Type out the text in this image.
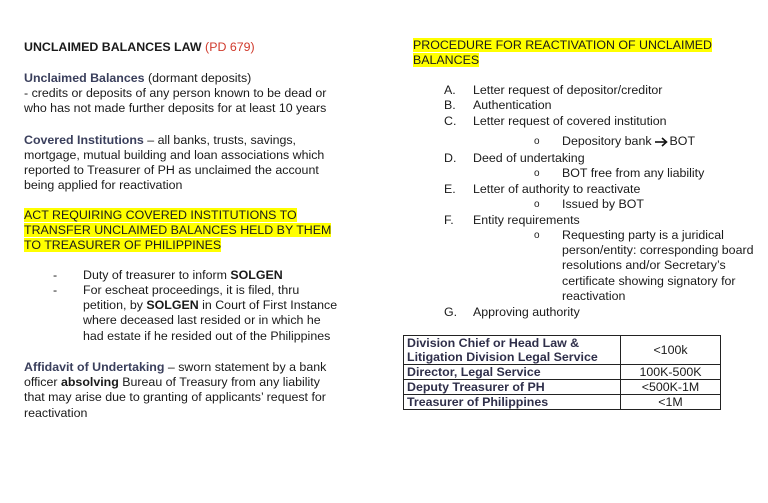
UNCLAIMED BALANCES LAW (PD 679)
Unclaimed Balances (dormant deposits)
- credits or deposits of any person known to be dead or
who has not made further deposits for at least 10 years
Covered Institutions – all banks, trusts, savings,
mortgage, mutual building and loan associations which
reported to Treasurer of PH as unclaimed the account
being applied for reactivation
ACT REQUIRING COVERED INSTITUTIONS TO
TRANSFER UNCLAIMED BALANCES HELD BY THEM
TO TREASURER OF PHILIPPINES
-	Duty of treasurer to inform SOLGEN
-	For escheat proceedings, it is filed, thru
petition, by SOLGEN in Court of First Instance
where deceased last resided or in which he
had estate if he resided out of the Philippines
Affidavit of Undertaking – sworn statement by a bank
officer absolving Bureau of Treasury from any liability
that may arise due to granting of applicants’ request for
reactivation
PROCEDURE FOR REACTIVATION OF UNCLAIMED
BALANCES
A. Letter request of depositor/creditor
B. Authentication
C. Letter request of covered institution
o Depository bank BOT
D. Deed of undertaking
o BOT free from any liability
E. Letter of authority to reactivate
o Issued by BOT
F. Entity requirements
o Requesting party is a juridical
person/entity: corresponding board
resolutions and/or Secretary’s
certificate showing signatory for
reactivation
G. Approving authority
Division Chief or Head Law &
Litigation Division Legal Service	<100k
Director, Legal Service	100K-500K
Deputy Treasurer of PH	<500K-1M
Treasurer of Philippines	<1M
